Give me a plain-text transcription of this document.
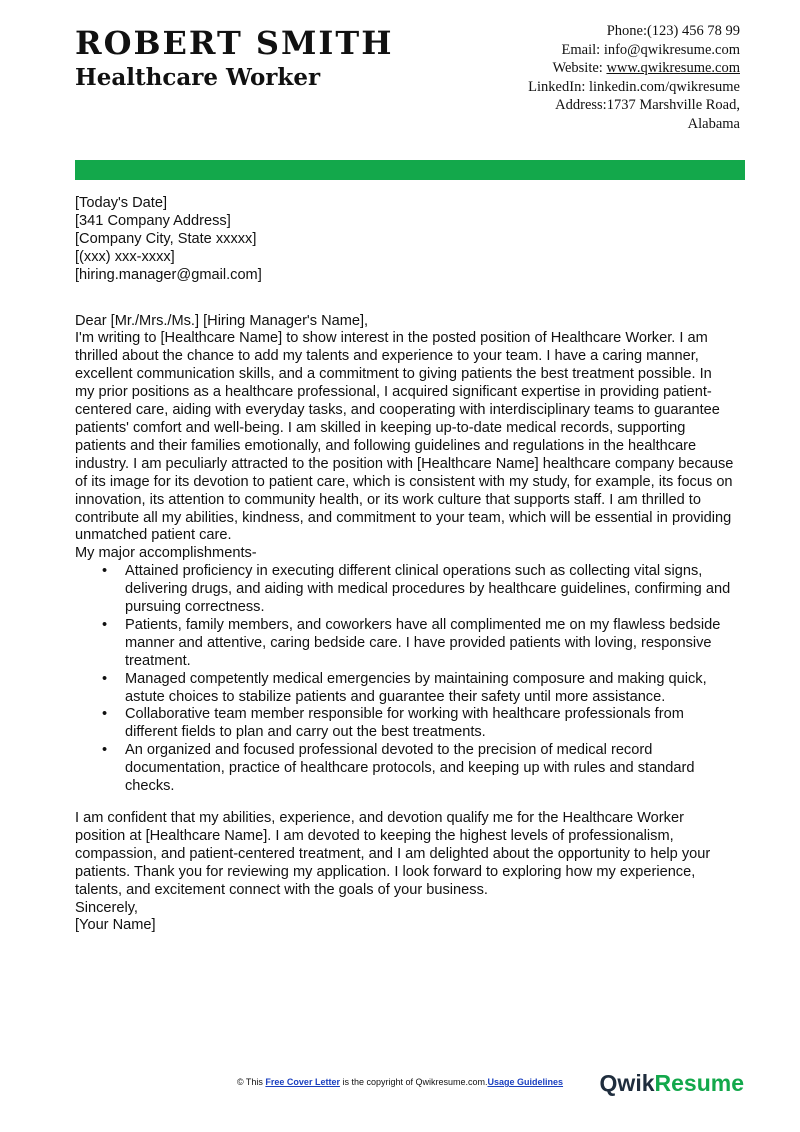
ROBERT SMITH
Healthcare Worker
Phone:(123) 456 78 99
Email: info@qwikresume.com
Website: www.qwikresume.com
LinkedIn: linkedin.com/qwikresume
Address:1737 Marshville Road,
Alabama

[Today's Date]

[341 Company Address]

[Company City, State xxxxx]

[(xxx) xxx-xxxx]

[hiring.manager@gmail.com]

Dear [Mr./Mrs./Ms.] [Hiring Manager's Name],

I'm writing to [Healthcare Name] to show interest in the posted position of Healthcare Worker. I am thrilled about the chance to add my talents and experience to your team. I have a caring manner, excellent communication skills, and a commitment to giving patients the best treatment possible. In my prior positions as a healthcare professional, I acquired significant expertise in providing patient-centered care, aiding with everyday tasks, and cooperating with interdisciplinary teams to guarantee patients' comfort and well-being. I am skilled in keeping up-to-date medical records, supporting patients and their families emotionally, and following guidelines and regulations in the healthcare industry. I am peculiarly attracted to the position with [Healthcare Name] healthcare company because of its image for its devotion to patient care, which is consistent with my study, for example, its focus on innovation, its attention to community health, or its work culture that supports staff. I am thrilled to contribute all my abilities, kindness, and commitment to your team, which will be essential in providing unmatched patient care.

My major accomplishments-

• Attained proficiency in executing different clinical operations such as collecting vital signs, delivering drugs, and aiding with medical procedures by healthcare guidelines, confirming and pursuing correctness.
• Patients, family members, and coworkers have all complimented me on my flawless bedside manner and attentive, caring bedside care. I have provided patients with loving, responsive treatment.
• Managed competently medical emergencies by maintaining composure and making quick, astute choices to stabilize patients and guarantee their safety until more assistance.
• Collaborative team member responsible for working with healthcare professionals from different fields to plan and carry out the best treatments.
• An organized and focused professional devoted to the precision of medical record documentation, practice of healthcare protocols, and keeping up with rules and standard checks.

I am confident that my abilities, experience, and devotion qualify me for the Healthcare Worker position at [Healthcare Name]. I am devoted to keeping the highest levels of professionalism, compassion, and patient-centered treatment, and I am delighted about the opportunity to help your patients. Thank you for reviewing my application. I look forward to exploring how my experience, talents, and excitement connect with the goals of your business.

Sincerely,

[Your Name]

© This Free Cover Letter is the copyright of Qwikresume.com.Usage Guidelines	QwikResume
